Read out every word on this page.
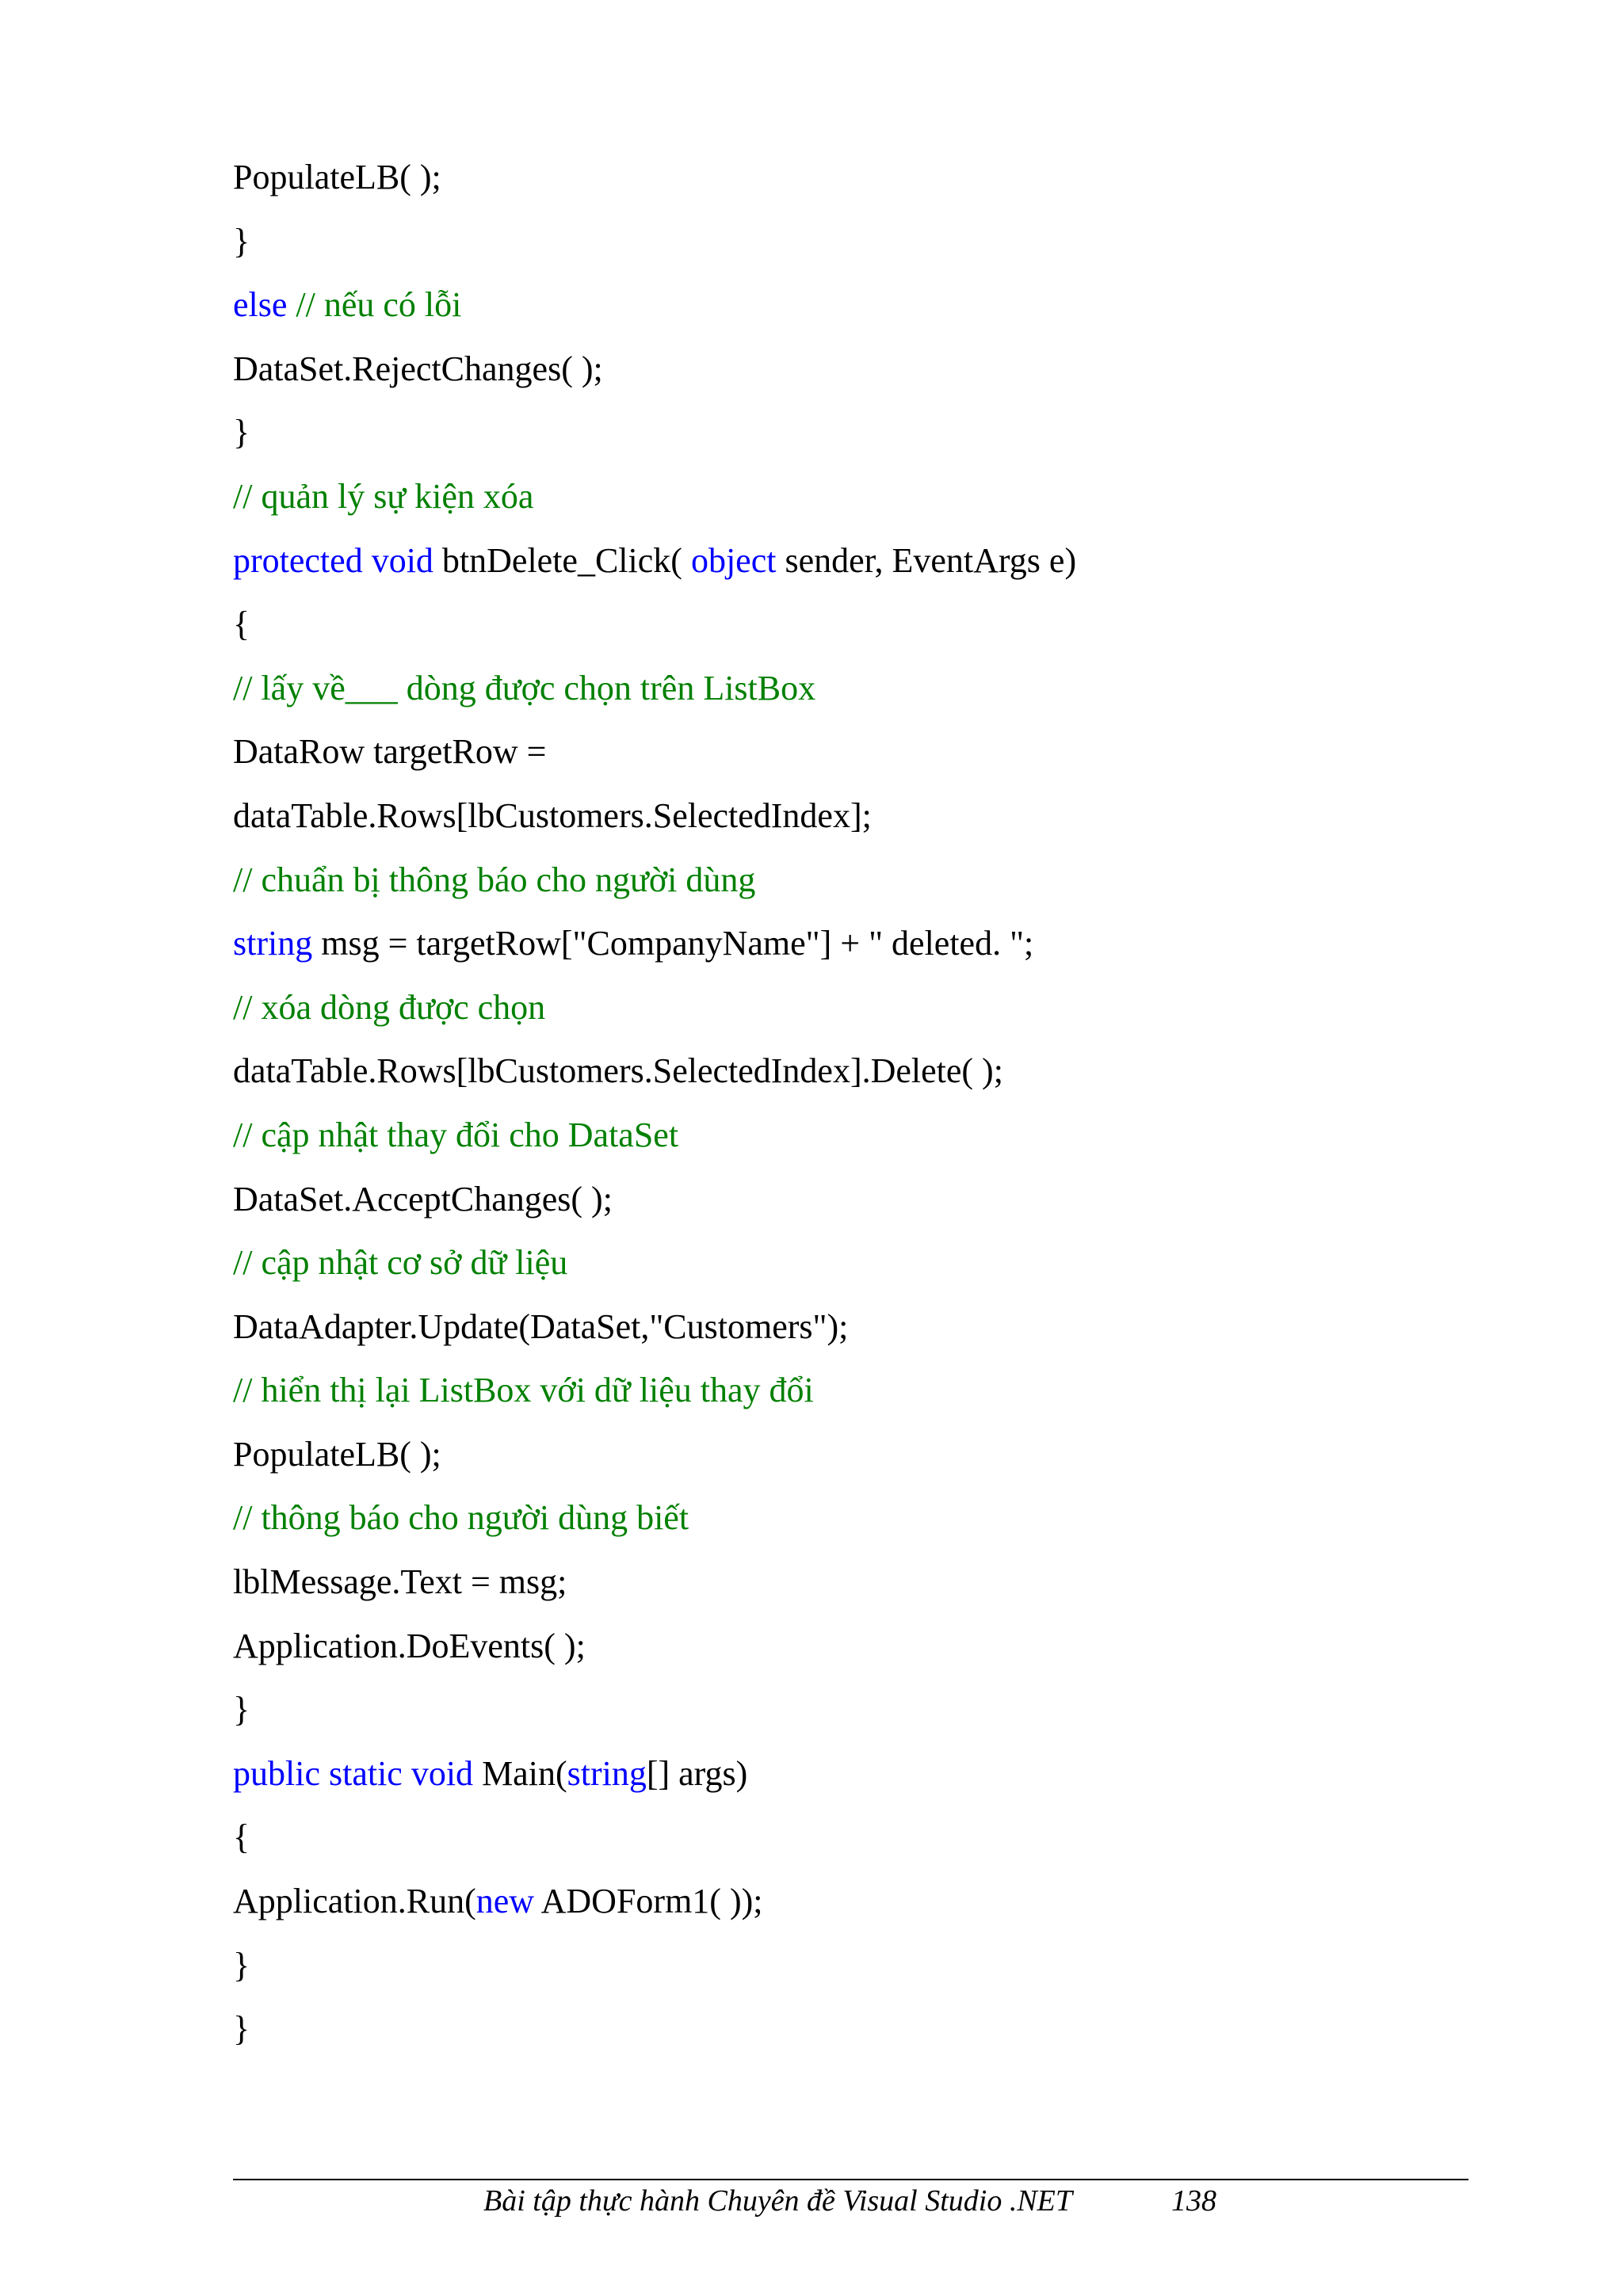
PopulateLB( );
}
else // nếu có lỗi
DataSet.RejectChanges( );
}
// quản lý sự kiện xóa
protected void btnDelete_Click( object sender, EventArgs e)
{
// lấy về___ dòng được chọn trên ListBox
DataRow targetRow =
dataTable.Rows[lbCustomers.SelectedIndex];
// chuẩn bị thông báo cho người dùng
string msg = targetRow["CompanyName"] + " deleted. ";
// xóa dòng được chọn
dataTable.Rows[lbCustomers.SelectedIndex].Delete( );
// cập nhật thay đổi cho DataSet
DataSet.AcceptChanges( );
// cập nhật cơ sở dữ liệu
DataAdapter.Update(DataSet,"Customers");
// hiển thị lại ListBox với dữ liệu thay đổi
PopulateLB( );
// thông báo cho người dùng biết
lblMessage.Text = msg;
Application.DoEvents( );
}
public static void Main(string[] args)
{
Application.Run(new ADOForm1( ));
}
}
Bài tập thực hành Chuyên đề Visual Studio .NET	138
